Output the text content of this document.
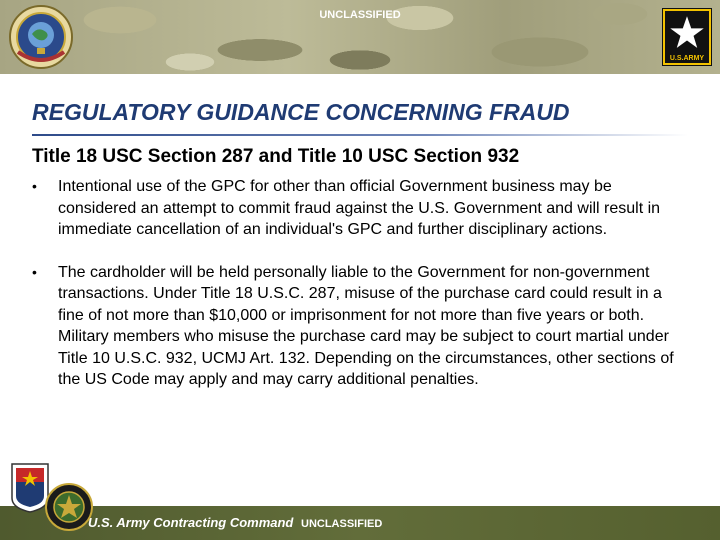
UNCLASSIFIED
U.S.ARMY
REGULATORY GUIDANCE CONCERNING FRAUD
Title 18 USC Section 287 and Title 10 USC Section 932
• Intentional use of the GPC for other than official Government business may be considered an attempt to commit fraud against the U.S. Government and will result in immediate cancellation of an individual's GPC and further disciplinary actions.
• The cardholder will be held personally liable to the Government for non-government transactions. Under Title 18 U.S.C. 287, misuse of the purchase card could result in a fine of not more than $10,000 or imprisonment for not more than five years or both. Military members who misuse the purchase card may be subject to court martial under Title 10 U.S.C. 932, UCMJ Art. 132. Depending on the circumstances, other sections of the US Code may apply and may carry additional penalties.
U.S. Army Contracting Command UNCLASSIFIED
